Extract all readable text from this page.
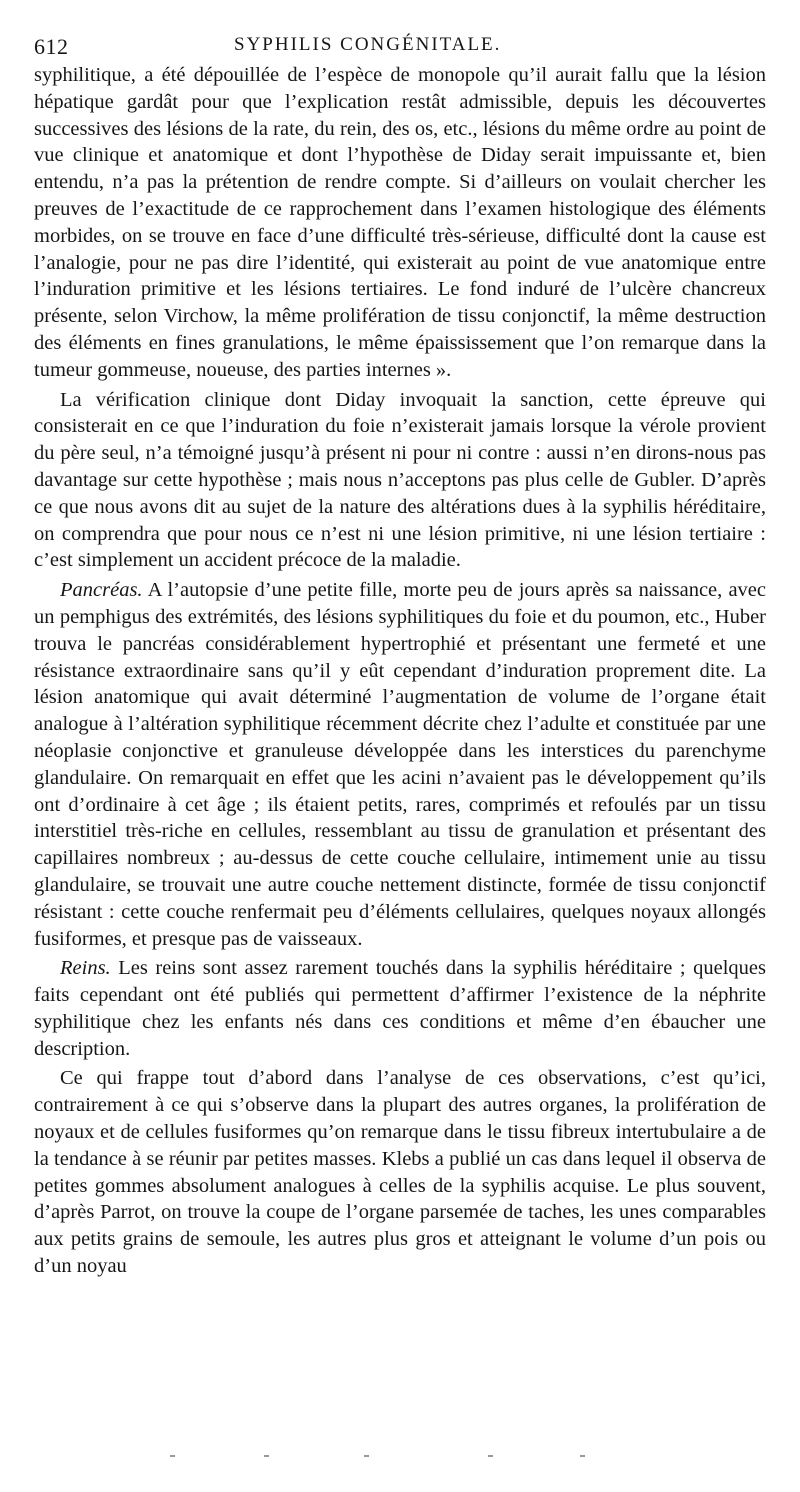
612	SYPHILIS CONGÉNITALE.

syphilitique, a été dépouillée de l’espèce de monopole qu’il aurait fallu que la lésion hépatique gardât pour que l’explication restât admissible, depuis les découvertes successives des lésions de la rate, du rein, des os, etc., lésions du même ordre au point de vue clinique et anatomique et dont l’hypothèse de Diday serait impuissante et, bien entendu, n’a pas la prétention de rendre compte. Si d’ailleurs on voulait chercher les preuves de l’exactitude de ce rapprochement dans l’examen histologique des éléments morbides, on se trouve en face d’une difficulté très-sérieuse, difficulté dont la cause est l’analogie, pour ne pas dire l’identité, qui existerait au point de vue anatomique entre l’induration primitive et les lésions tertiaires. Le fond induré de l’ulcère chancreux présente, selon Virchow, la même prolifération de tissu conjonctif, la même destruction des éléments en fines granulations, le même épaississement que l’on remarque dans la tumeur gommeuse, noueuse, des parties internes ».

La vérification clinique dont Diday invoquait la sanction, cette épreuve qui consisterait en ce que l’induration du foie n’existerait jamais lorsque la vérole provient du père seul, n’a témoigné jusqu’à présent ni pour ni contre : aussi n’en dirons-nous pas davantage sur cette hypothèse ; mais nous n’acceptons pas plus celle de Gubler. D’après ce que nous avons dit au sujet de la nature des altérations dues à la syphilis héréditaire, on comprendra que pour nous ce n’est ni une lésion primitive, ni une lésion tertiaire : c’est simplement un accident précoce de la maladie.

Pancréas. A l’autopsie d’une petite fille, morte peu de jours après sa naissance, avec un pemphigus des extrémités, des lésions syphilitiques du foie et du poumon, etc., Huber trouva le pancréas considérablement hypertrophié et présentant une fermeté et une résistance extraordinaire sans qu’il y eût cependant d’induration proprement dite. La lésion anatomique qui avait déterminé l’augmentation de volume de l’organe était analogue à l’altération syphilitique récemment décrite chez l’adulte et constituée par une néoplasie conjonctive et granuleuse développée dans les interstices du parenchyme glandulaire. On remarquait en effet que les acini n’avaient pas le développement qu’ils ont d’ordinaire à cet âge ; ils étaient petits, rares, comprimés et refoulés par un tissu interstitiel très-riche en cellules, ressemblant au tissu de granulation et présentant des capillaires nombreux ; au-dessus de cette couche cellulaire, intimement unie au tissu glandulaire, se trouvait une autre couche nettement distincte, formée de tissu conjonctif résistant : cette couche renfermait peu d’éléments cellulaires, quelques noyaux allongés fusiformes, et presque pas de vaisseaux.

Reins. Les reins sont assez rarement touchés dans la syphilis héréditaire ; quelques faits cependant ont été publiés qui permettent d’affirmer l’existence de la néphrite syphilitique chez les enfants nés dans ces conditions et même d’en ébaucher une description.

Ce qui frappe tout d’abord dans l’analyse de ces observations, c’est qu’ici, contrairement à ce qui s’observe dans la plupart des autres organes, la prolifération de noyaux et de cellules fusiformes qu’on remarque dans le tissu fibreux intertubulaire a de la tendance à se réunir par petites masses. Klebs a publié un cas dans lequel il observa de petites gommes absolument analogues à celles de la syphilis acquise. Le plus souvent, d’après Parrot, on trouve la coupe de l’organe parsemée de taches, les unes comparables aux petits grains de semoule, les autres plus gros et atteignant le volume d’un pois ou d’un noyau
